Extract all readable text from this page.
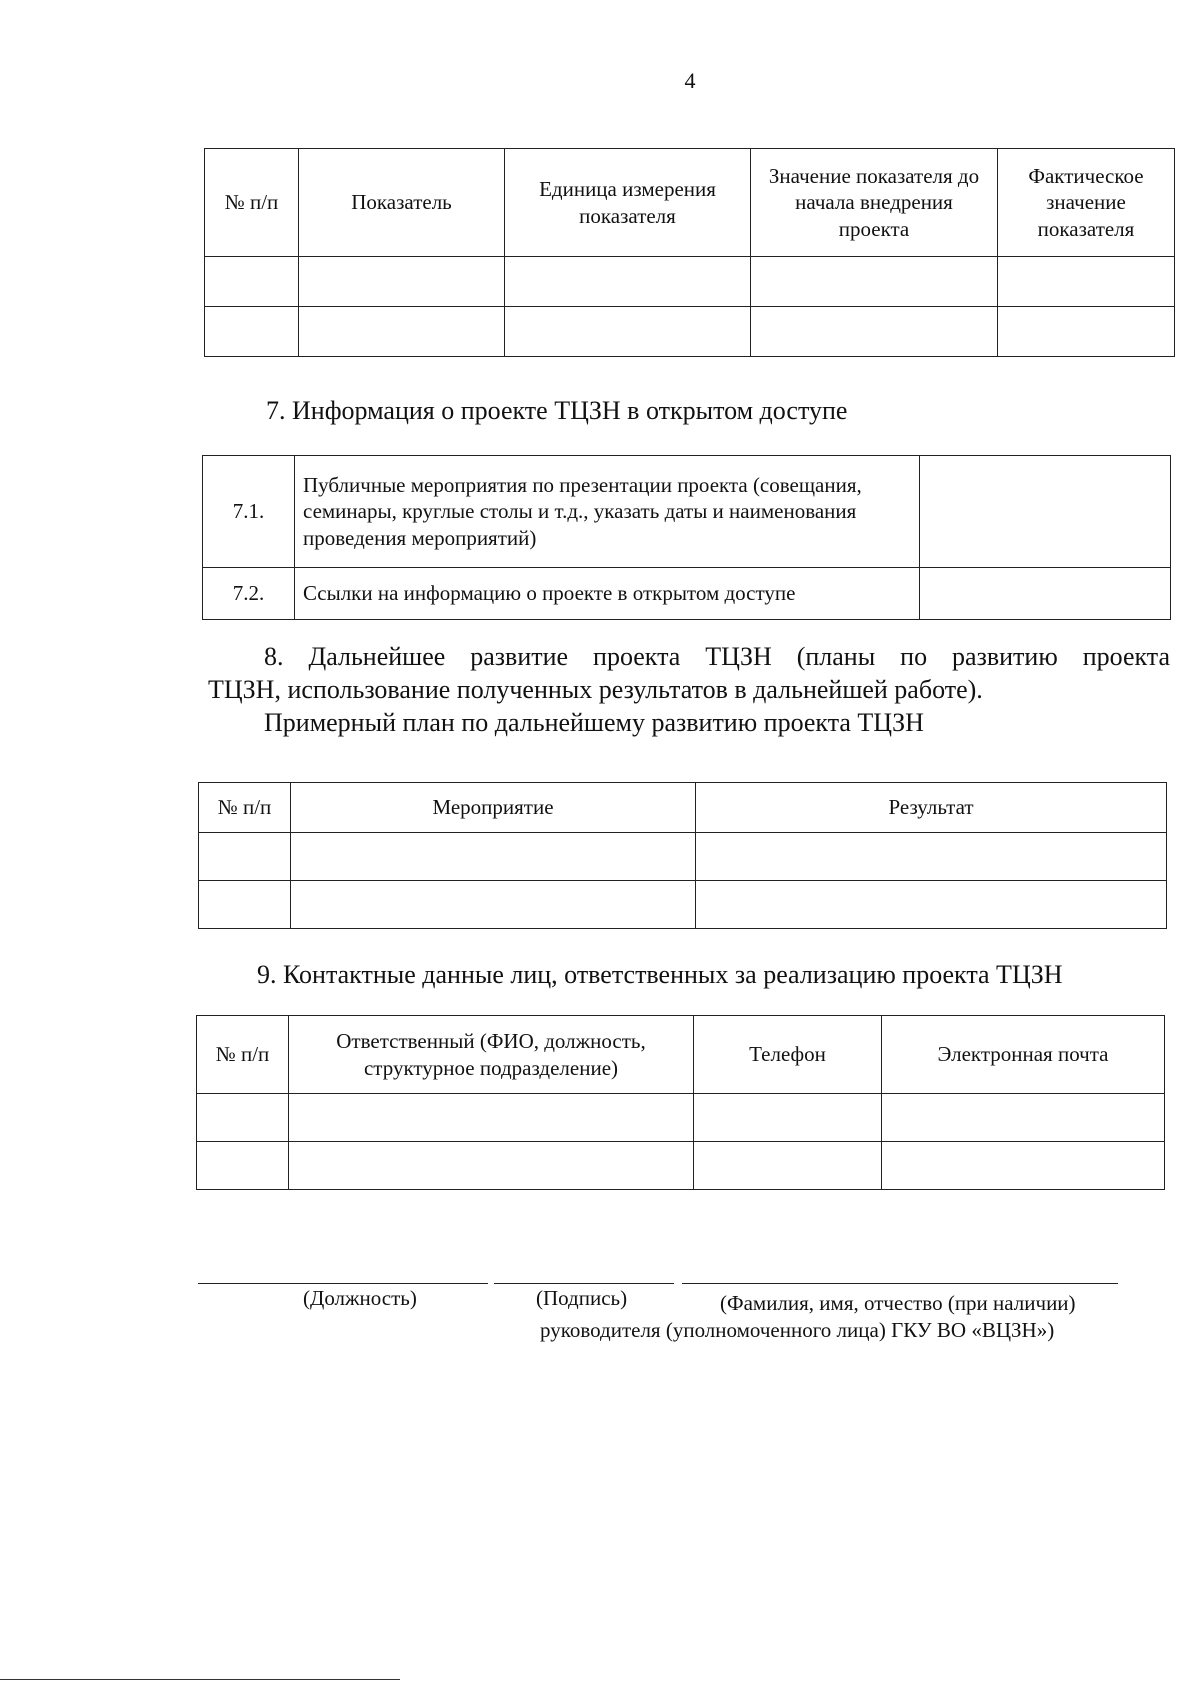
4
№ п/п	Показатель	Единица измерения показателя	Значение показателя до начала внедрения проекта	Фактическое значение показателя

7. Информация о проекте ТЦЗН в открытом доступе
7.1.	Публичные мероприятия по презентации проекта (совещания, семинары, круглые столы и т.д., указать даты и наименования проведения мероприятий)	
7.2.	Ссылки на информацию о проекте в открытом доступе	
8. Дальнейшее развитие проекта ТЦЗН (планы по развитию проекта
ТЦЗН, использование полученных результатов в дальнейшей работе).
Примерный план по дальнейшему развитию проекта ТЦЗН
№ п/п	Мероприятие	Результат

9. Контактные данные лиц, ответственных за реализацию проекта ТЦЗН
№ п/п	Ответственный (ФИО, должность, структурное подразделение)	Телефон	Электронная почта

(Должность)	(Подпись)	(Фамилия, имя, отчество (при наличии)
руководителя (уполномоченного лица) ГКУ ВО «ВЦЗН»)
